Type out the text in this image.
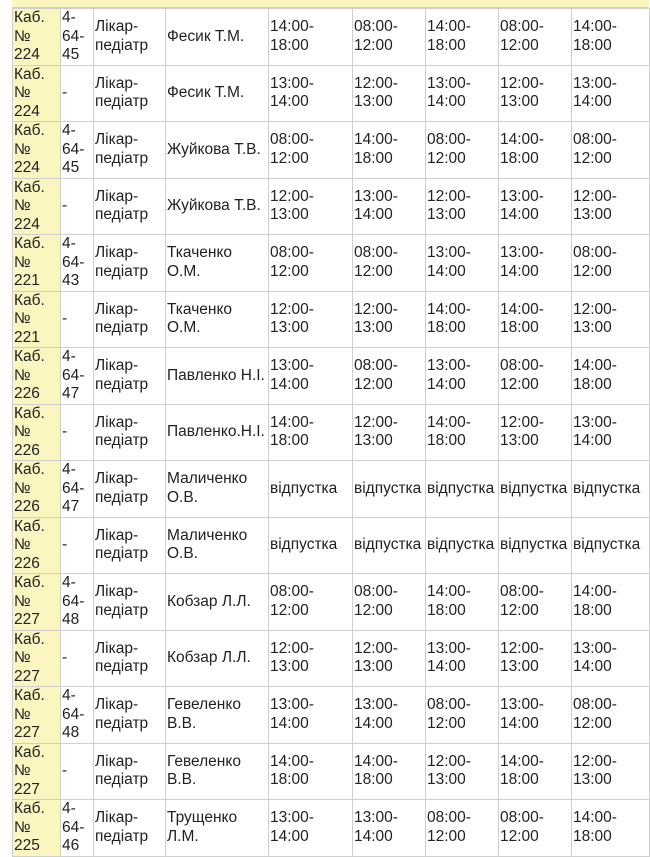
Каб. № 224	4-64-45	Лікар-педіатр	Фесик Т.М.	14:00-18:00	08:00-12:00	14:00-18:00	08:00-12:00	14:00-18:00
Каб. № 224	-	Лікар-педіатр	Фесик Т.М.	13:00-14:00	12:00-13:00	13:00-14:00	12:00-13:00	13:00-14:00
Каб. № 224	4-64-45	Лікар-педіатр	Жуйкова Т.В.	08:00-12:00	14:00-18:00	08:00-12:00	14:00-18:00	08:00-12:00
Каб. № 224	-	Лікар-педіатр	Жуйкова Т.В.	12:00-13:00	13:00-14:00	12:00-13:00	13:00-14:00	12:00-13:00
Каб. № 221	4-64-43	Лікар-педіатр	Ткаченко О.М.	08:00-12:00	08:00-12:00	13:00-14:00	13:00-14:00	08:00-12:00
Каб. № 221	-	Лікар-педіатр	Ткаченко О.М.	12:00-13:00	12:00-13:00	14:00-18:00	14:00-18:00	12:00-13:00
Каб. № 226	4-64-47	Лікар-педіатр	Павленко Н.І.	13:00-14:00	08:00-12:00	13:00-14:00	08:00-12:00	14:00-18:00
Каб. № 226	-	Лікар-педіатр	Павленко.Н.І.	14:00-18:00	12:00-13:00	14:00-18:00	12:00-13:00	13:00-14:00
Каб. № 226	4-64-47	Лікар-педіатр	Маличенко О.В.	відпустка	відпустка	відпустка	відпустка	відпустка
Каб. № 226	-	Лікар-педіатр	Маличенко О.В.	відпустка	відпустка	відпустка	відпустка	відпустка
Каб. № 227	4-64-48	Лікар-педіатр	Кобзар Л.Л.	08:00-12:00	08:00-12:00	14:00-18:00	08:00-12:00	14:00-18:00
Каб. № 227	-	Лікар-педіатр	Кобзар Л.Л.	12:00-13:00	12:00-13:00	13:00-14:00	12:00-13:00	13:00-14:00
Каб. № 227	4-64-48	Лікар-педіатр	Гевеленко В.В.	13:00-14:00	13:00-14:00	08:00-12:00	13:00-14:00	08:00-12:00
Каб. № 227	-	Лікар-педіатр	Гевеленко В.В.	14:00-18:00	14:00-18:00	12:00-13:00	14:00-18:00	12:00-13:00
Каб. № 225	4-64-46	Лікар-педіатр	Трущенко Л.М.	13:00-14:00	13:00-14:00	08:00-12:00	08:00-12:00	14:00-18:00
